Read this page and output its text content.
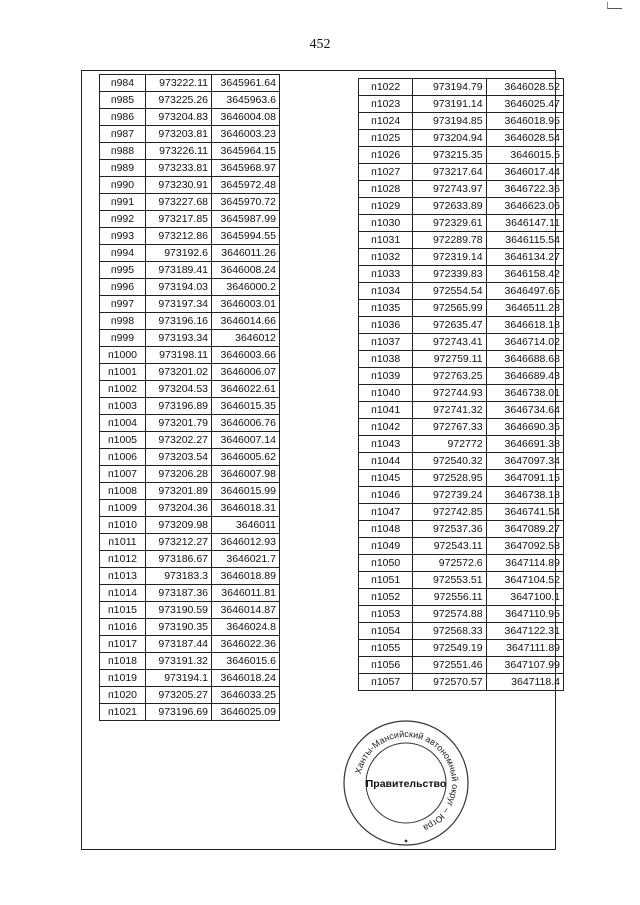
452
п984	973222.11	3645961.64
п985	973225.26	3645963.6
п986	973204.83	3646004.08
п987	973203.81	3646003.23
п988	973226.11	3645964.15
п989	973233.81	3645968.97
п990	973230.91	3645972.48
п991	973227.68	3645970.72
п992	973217.85	3645987.99
п993	973212.86	3645994.55
п994	973192.6	3646011.26
п995	973189.41	3646008.24
п996	973194.03	3646000.2
п997	973197.34	3646003.01
п998	973196.16	3646014.66
п999	973193.34	3646012
п1000	973198.11	3646003.66
п1001	973201.02	3646006.07
п1002	973204.53	3646022.61
п1003	973196.89	3646015.35
п1004	973201.79	3646006.76
п1005	973202.27	3646007.14
п1006	973203.54	3646005.62
п1007	973206.28	3646007.98
п1008	973201.89	3646015.99
п1009	973204.36	3646018.31
п1010	973209.98	3646011
п1011	973212.27	3646012.93
п1012	973186.67	3646021.7
п1013	973183.3	3646018.89
п1014	973187.36	3646011.81
п1015	973190.59	3646014.87
п1016	973190.35	3646024.8
п1017	973187.44	3646022.36
п1018	973191.32	3646015.6
п1019	973194.1	3646018.24
п1020	973205.27	3646033.25
п1021	973196.69	3646025.09
п1022	973194.79	3646028.52
п1023	973191.14	3646025.47
п1024	973194.85	3646018.95
п1025	973204.94	3646028.54
п1026	973215.35	3646015.5
п1027	973217.64	3646017.44
п1028	972743.97	3646722.36
п1029	972633.89	3646623.06
п1030	972329.61	3646147.11
п1031	972289.78	3646115.54
п1032	972319.14	3646134.27
п1033	972339.83	3646158.42
п1034	972554.54	3646497.65
п1035	972565.99	3646511.28
п1036	972635.47	3646618.18
п1037	972743.41	3646714.02
п1038	972759.11	3646688.68
п1039	972763.25	3646689.43
п1040	972744.93	3646738.01
п1041	972741.32	3646734.64
п1042	972767.33	3646690.35
п1043	972772	3646691.38
п1044	972540.32	3647097.34
п1045	972528.95	3647091.15
п1046	972739.24	3646738.18
п1047	972742.85	3646741.54
п1048	972537.36	3647089.27
п1049	972543.11	3647092.58
п1050	972572.6	3647114.89
п1051	972553.51	3647104.52
п1052	972556.11	3647100.1
п1053	972574.88	3647110.95
п1054	972568.33	3647122.31
п1055	972549.19	3647111.89
п1056	972551.46	3647107.99
п1057	972570.57	3647118.4
Ханты-Мансийский автономный округ – Югра
Правительство
